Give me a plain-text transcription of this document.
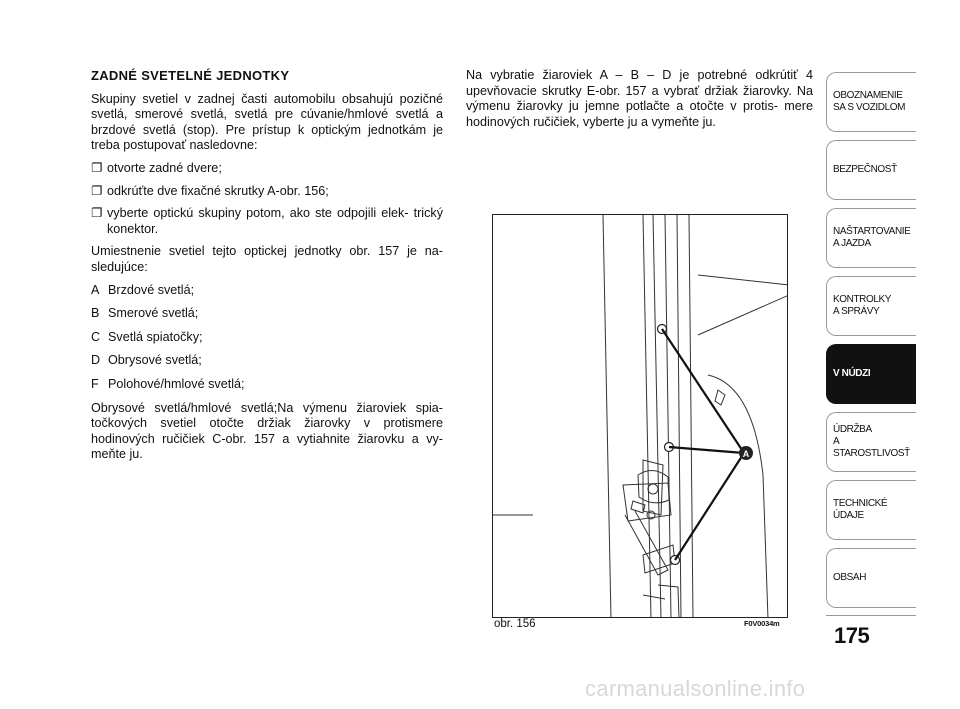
ZADNÉ SVETELNÉ JEDNOTKY

Skupiny svetiel v zadnej časti automobilu obsahujú pozičné svetlá, smerové svetlá, svetlá pre cúvanie/hmlové svetlá a brzdové svetlá (stop). Pre prístup k optickým jednotkám je treba postupovať nasledovne:

❐ otvorte zadné dvere;

❐ odkrúťte dve fixačné skrutky A-obr. 156;

❐ vyberte optickú skupiny potom, ako ste odpojili elek- trický konektor.

Umiestnenie svetiel tejto optickej jednotky obr. 157 je na- sledujúce:

A Brzdové svetlá;
B Smerové svetlá;
C Svetlá spiatočky;
D Obrysové svetlá;
F Polohové/hmlové svetlá;

Obrysové svetlá/hmlové svetlá;Na výmenu žiaroviek spia- točkových svetiel otočte držiak žiarovky v protismere hodinových ručičiek C-obr. 157 a vytiahnite žiarovku a vy- meňte ju.

Na vybratie žiaroviek A – B – D je potrebné odkrútiť 4 upevňovacie skrutky E-obr. 157 a vybrať držiak žiarovky. Na výmenu žiarovky ju jemne potlačte a otočte v protis- mere hodinových ručičiek, vyberte ju a vymeňte ju.
A
obr. 156	F0V0034m
OBOZNAMENIE
SA S VOZIDLOM
BEZPEČNOSŤ
NAŠTARTOVANIE
A JAZDA
KONTROLKY
A SPRÁVY
V NÚDZI
ÚDRŽBA
A STAROSTLIVOSŤ
TECHNICKÉ
ÚDAJE
OBSAH
175
carmanualsonline.info
